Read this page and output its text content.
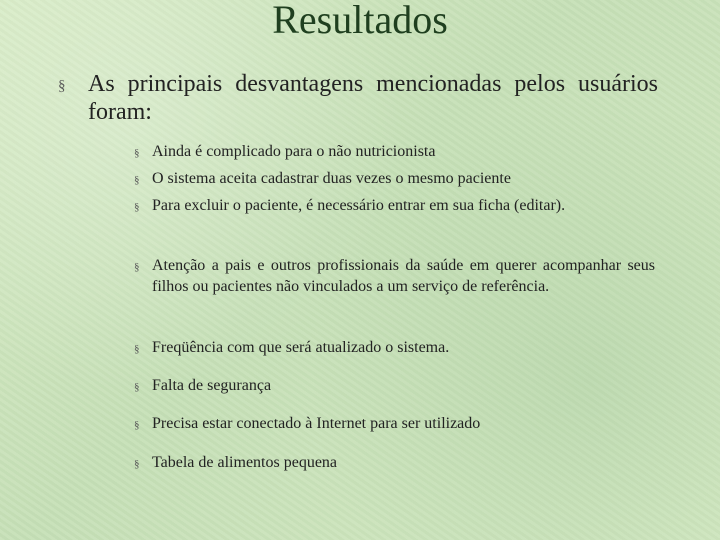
Resultados
§ As principais desvantagens mencionadas pelos usuários foram:
§ Ainda é complicado para o não nutricionista
§ O sistema aceita cadastrar duas vezes o mesmo paciente
§ Para excluir o paciente, é necessário entrar em sua ficha (editar).
§ Atenção a pais e outros profissionais da saúde em querer acompanhar seus filhos ou pacientes não vinculados a um serviço de referência.
§ Freqüência com que será atualizado o sistema.
§ Falta de segurança
§ Precisa estar conectado à Internet para ser utilizado
§ Tabela de alimentos pequena
